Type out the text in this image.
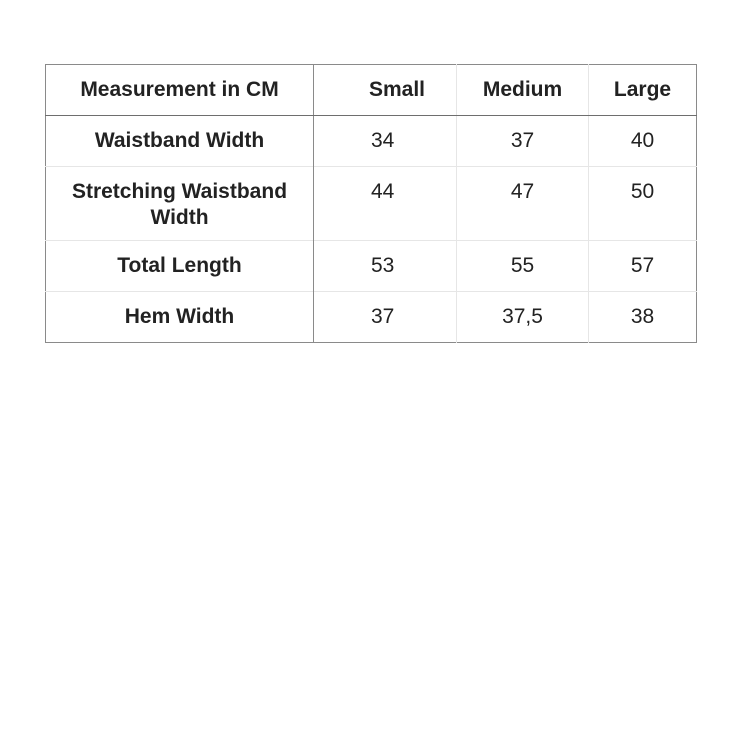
Measurement in CM	Small	Medium	Large
Waistband Width	34	37	40
Stretching Waistband Width	44	47	50
Total Length	53	55	57
Hem Width	37	37,5	38
